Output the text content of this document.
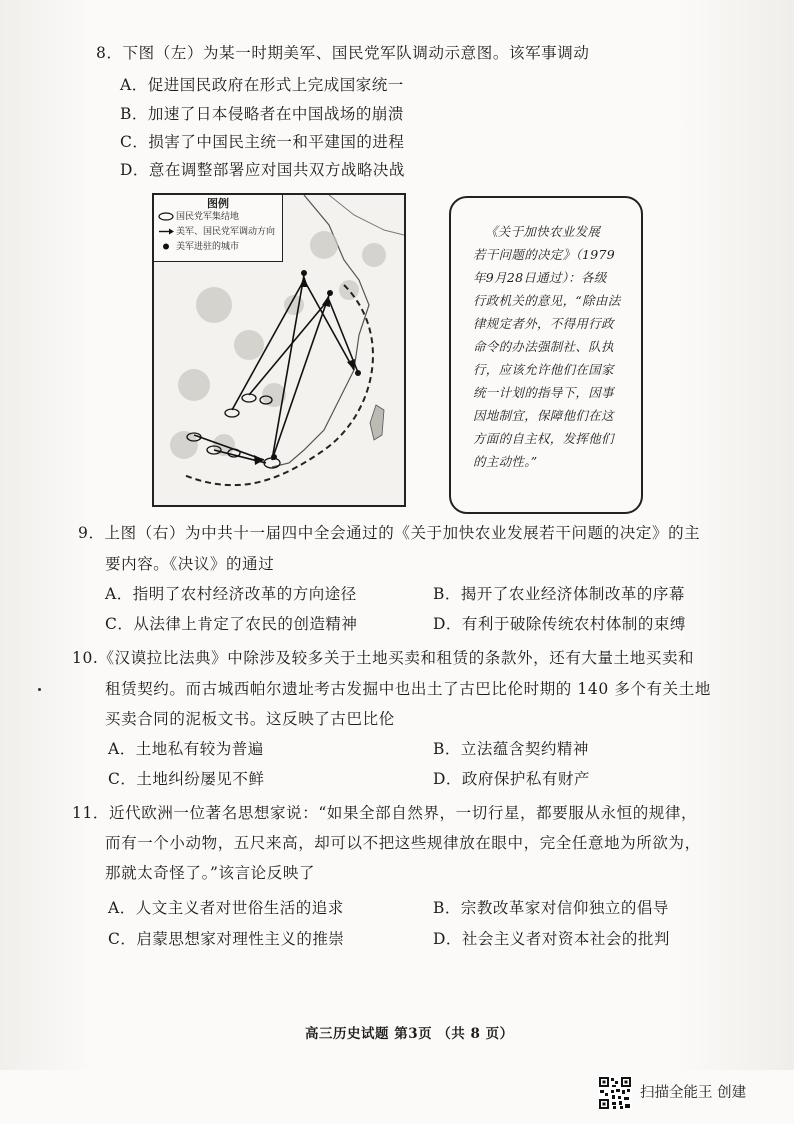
8．下图（左）为某一时期美军、国民党军队调动示意图。该军事调动
A．促进国民政府在形式上完成国家统一
B．加速了日本侵略者在中国战场的崩溃
C．损害了中国民主统一和平建国的进程
D．意在调整部署应对国共双方战略决战
图例
国民党军集结地
美军、国民党军调动方向
美军进驻的城市
《关于加快农业发展
若干问题的决定》（1979
年9月28日通过）：各级
行政机关的意见，“除由法
律规定者外，不得用行政
命令的办法强制社、队执
行，应该允许他们在国家
统一计划的指导下，因事
因地制宜，保障他们在这
方面的自主权，发挥他们
的主动性。”
9．上图（右）为中共十一届四中全会通过的《关于加快农业发展若干问题的决定》的主
要内容。《决议》的通过
A．指明了农村经济改革的方向途径	B．揭开了农业经济体制改革的序幕
C．从法律上肯定了农民的创造精神	D．有利于破除传统农村体制的束缚
10.《汉谟拉比法典》中除涉及较多关于土地买卖和租赁的条款外，还有大量土地买卖和
租赁契约。而古城西帕尔遗址考古发掘中也出土了古巴比伦时期的 140 多个有关土地
买卖合同的泥板文书。这反映了古巴比伦
A．土地私有较为普遍	B．立法蕴含契约精神
C．土地纠纷屡见不鲜	D．政府保护私有财产
11．近代欧洲一位著名思想家说：“如果全部自然界，一切行星，都要服从永恒的规律，
而有一个小动物，五尺来高，却可以不把这些规律放在眼中，完全任意地为所欲为，
那就太奇怪了。”该言论反映了
A．人文主义者对世俗生活的追求	B．宗教改革家对信仰独立的倡导
C．启蒙思想家对理性主义的推崇	D．社会主义者对资本社会的批判
高三历史试题 第3页 （共 8 页）
扫描全能王 创建
